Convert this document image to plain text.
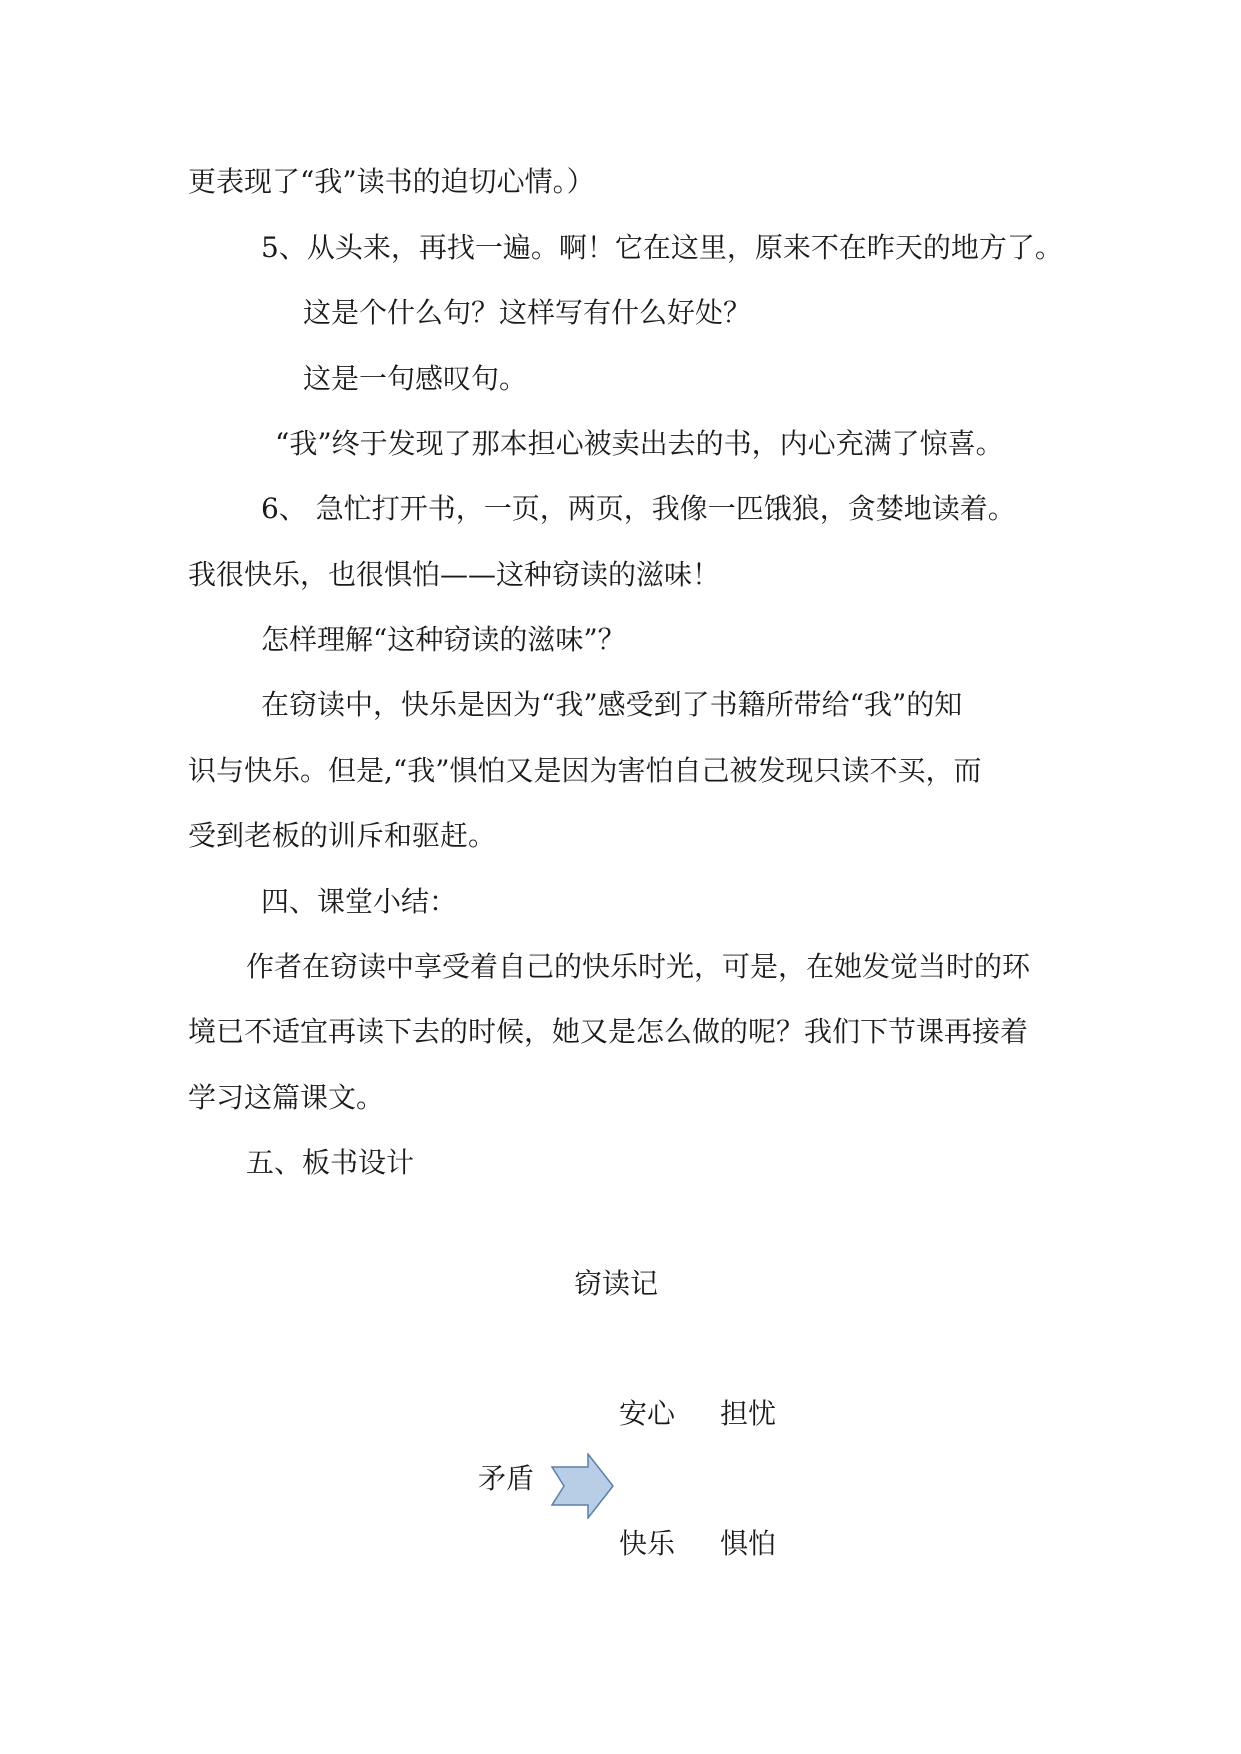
更表现了“我”读书的迫切心情。）
5、从头来，再找一遍。啊！它在这里，原来不在昨天的地方了。
这是个什么句？这样写有什么好处？
这是一句感叹句。
“我”终于发现了那本担心被卖出去的书，内心充满了惊喜。
6、 急忙打开书，一页，两页，我像一匹饿狼，贪婪地读着。
我很快乐，也很惧怕——这种窃读的滋味！
怎样理解“这种窃读的滋味”？
在窃读中，快乐是因为“我”感受到了书籍所带给“我”的知
识与快乐。但是,“我”惧怕又是因为害怕自己被发现只读不买，而
受到老板的训斥和驱赶。
四、课堂小结：
作者在窃读中享受着自己的快乐时光，可是，在她发觉当时的环
境已不适宜再读下去的时候，她又是怎么做的呢？我们下节课再接着
学习这篇课文。
五、板书设计
窃读记
安心 担忧
矛盾
快乐 惧怕
